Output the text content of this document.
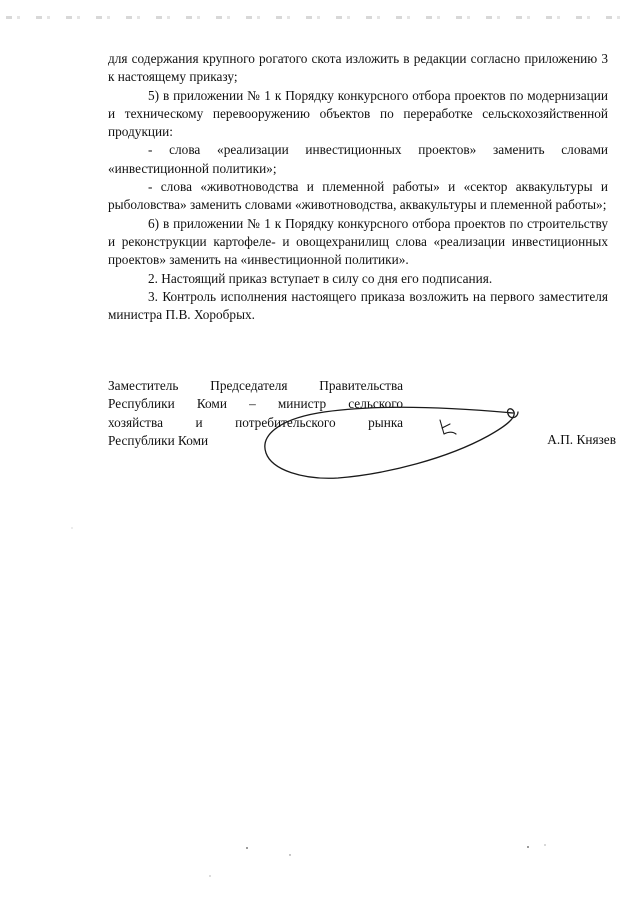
для содержания крупного рогатого скота изложить в редакции согласно приложению 3 к настоящему приказу;

5) в приложении № 1 к Порядку конкурсного отбора проектов по модернизации и техническому перевооружению объектов по переработке сельскохозяйственной продукции:

- слова «реализации инвестиционных проектов» заменить словами «инвестиционной политики»;

- слова «животноводства и племенной работы» и «сектор аквакультуры и рыболовства» заменить словами «животноводства, аквакультуры и племенной работы»;

6) в приложении № 1 к Порядку конкурсного отбора проектов по строительству и реконструкции картофеле- и овощехранилищ слова «реализации инвестиционных проектов» заменить на «инвестиционной политики».

2. Настоящий приказ вступает в силу со дня его подписания.

3. Контроль исполнения настоящего приказа возложить на первого заместителя министра П.В. Хоробрых.

Заместитель Председателя Правительства
Республики Коми – министр сельского
хозяйства и потребительского рынка
Республики Коми	А.П. Князев
